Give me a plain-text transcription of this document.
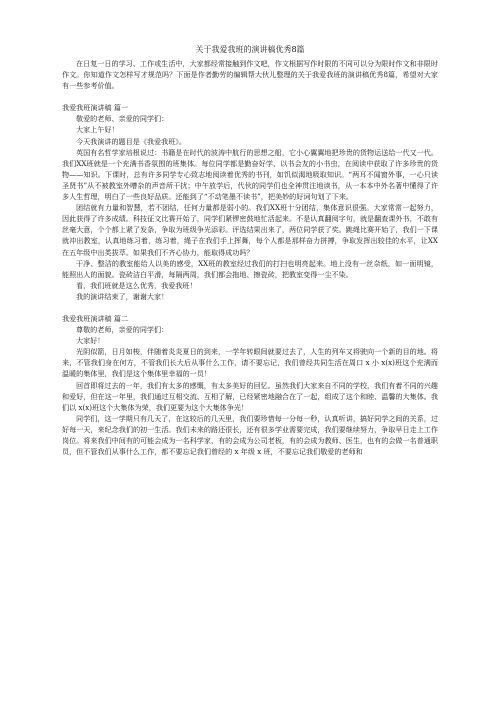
关于我爱我班的演讲稿优秀8篇

在日复一日的学习、工作或生活中，大家都经常接触到作文吧，作文根据写作时限的不同可以分为限时作文和非限时作文。你知道作文怎样写才规范吗？下面是作者勤劳的编辑帮大伙儿整理的关于我爱我班的演讲稿优秀8篇，希望对大家有一些参考价值。

我爱我班演讲稿 篇一

敬爱的老师、亲爱的同学们：

大家上午好！

今天我演讲的题目是《我爱我班》。

英国有名哲学家培根说过：书籍是在时代的波涛中航行的思想之船，它小心翼翼地把珍贵的货物运送给一代又一代。我们XX班就是一个充满书香氛围的班集体。每位同学都是勤奋好学、以书会友的小书虫，在阅读中获取了许多珍贵的货物——知识。下课时，总有许多同学专心致志地阅读着优秀的书刊，如饥似渴地吸取知识。“两耳不闻窗外事，一心只读圣贤书”从不被教室外嘈杂的声音所干扰；中午放学后，代伙的同学们也全神贯注地读书，从一本本中外名著中懂得了许多人生哲理，明白了一些良好品质。还能到了“不动笔墨不读书”，把美妙的好词句划了下来。

团结就有力量和智慧，若不团结，任何力量都是弱小的。我们XX班十分团结，集体意识很强。大家常常一起努力，因此获得了许多成绩。科技征文比赛开始了，同学们紧锣密鼓地忙活起来。不是认真翻阅字句，就是翻查课外书，不敢有丝毫大意，个个都上紧了发条，争取为班级争光添彩。评选结果出来了，两位同学获了奖。跳绳比赛开始了，我们一下课就冲出教室，认真地练习着，练习着，绳子在我们手上挥舞，每个人都是那样奋力拼搏，争取发挥出较佳的水平，让XX在五年级中出类拔萃。如果我们不齐心协力，能取得成功吗？

干净、整洁的教室能给人以美的感受，XX班的教室经过我们的打扫也明亮起来。地上没有一丝杂纸，如一面明镜，能照出人的面貌。瓷砖洁白平滑，每隔两周，我们都会拖地、擦瓷砖，把教室变得一尘不染。

看，我们班就是这么优秀，我爱我班！

我的演讲结束了，谢谢大家！

我爱我班演讲稿 篇二

尊敬的老师，亲爱的同学们：

大家好！

光阴似箭，日月如梭，伴随着炎炎夏日的到来，一学年转眼间就要过去了，人生的列车又将驶向一个新的目的地。将来，不管我们身在何方，不管我们长大后从事什么工作，请不要忘记，我们曾经共同生活在周口 x 小 x(x)班这个充满而温暖的集体里，我们是这个集体里幸福的一员！

回首即将过去的一年，我们有太多的感慨，有太多美好的回忆。虽然我们大家来自不同的学校，我们有着不同的兴趣和爱好，但在这一年里，我们通过互相交流、互相了解，已经紧密地融合在了一起，组成了这个和睦、温馨的大集体。我们以 x(x)班这个大集体为荣，我们更要为这个大集体争光！

同学们，这一学期只有几天了，在这较后的几天里，我们要珍惜每一分每一秒，认真听讲，搞好同学之间的关系，过好每一天，来纪念我们的初一生活。我们未来的路还很长，还有很多学业需要完成，我们要继续努力，争取早日走上工作岗位。将来我们中间有的可能会成为一名科学家，有的会成为公司老板，有的会成为教师、医生，也有的会做一名普通职员，但不管我们从事什么工作，都不要忘记我们曾经的 x 年级 x 班，不要忘记我们敬爱的老师和
